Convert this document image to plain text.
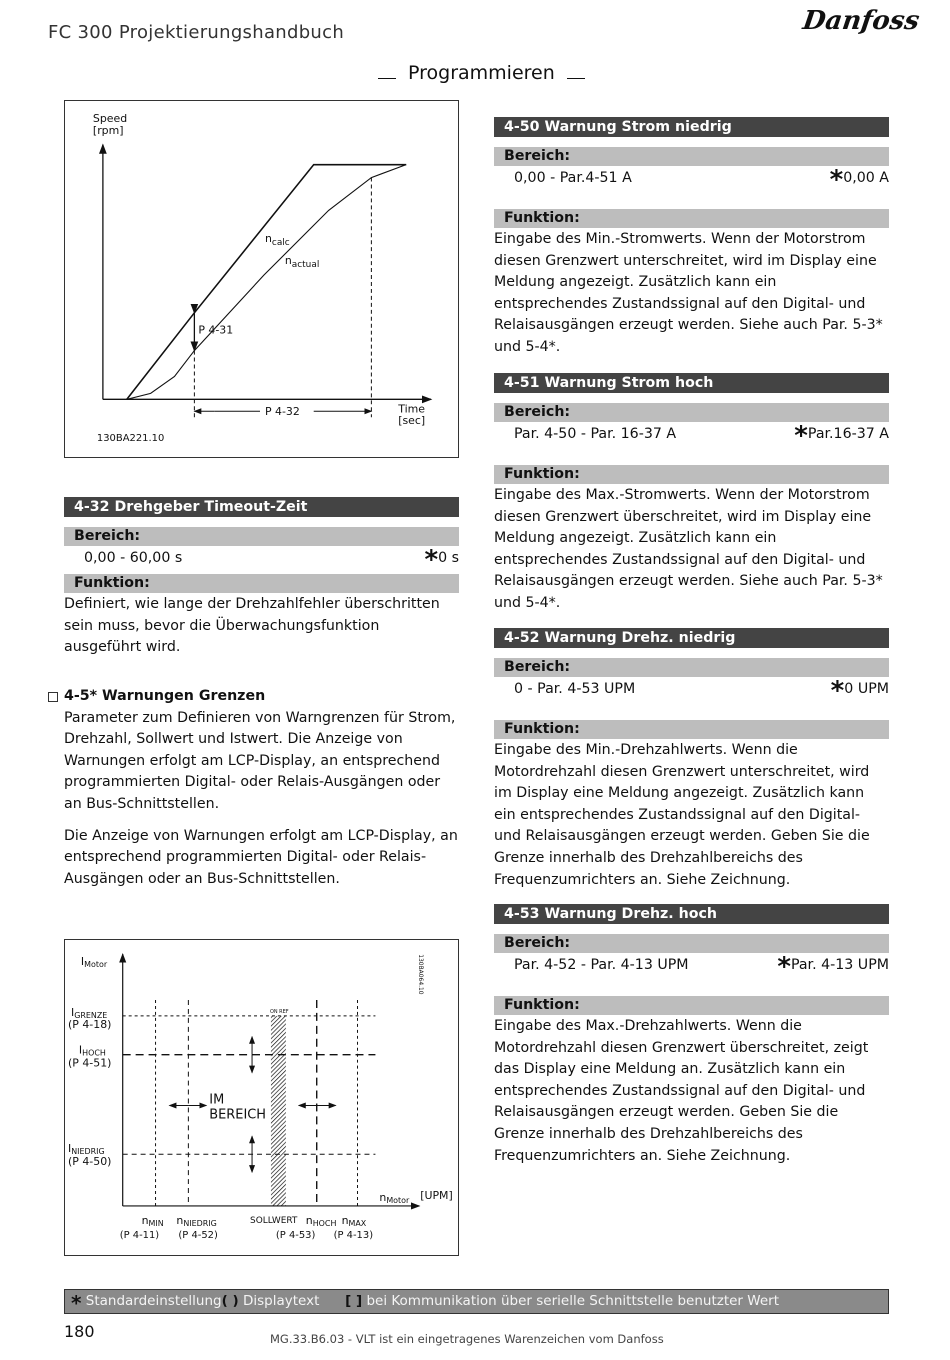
FC 300 Projektierungshandbuch	Danfoss
Programmieren
Speed
[rpm]
Time
[sec]
$n_{calc}$
$n_{actual}$
P 4-31
P 4-32
130BA221.10
4-32 Drehgeber Timeout-Zeit
Bereich:
0,00 - 60,00 s	*0 s
Funktion:
Definiert, wie lange der Drehzahlfehler überschritten sein muss, bevor die Überwachungsfunktion ausgeführt wird.
4-5* Warnungen Grenzen
Parameter zum Definieren von Warngrenzen für Strom, Drehzahl, Sollwert und Istwert. Die Anzeige von Warnungen erfolgt am LCP-Display, an entsprechend programmierten Digital- oder Relais-Ausgängen oder an Bus-Schnittstellen.
Die Anzeige von Warnungen erfolgt am LCP-Display, an entsprechend programmierten Digital- oder Relais-Ausgängen oder an Bus-Schnittstellen.
IMotor
IGRENZE
(P 4-18)
IHOCH
(P 4-51)
INIEDRIG
(P 4-50)
IM
BEREICH
nMotor [UPM]
nMIN
(P 4-11)
nNIEDRIG
(P 4-52)
SOLLWERT nHOCH
(P 4-53)
nMAX
(P 4-13)
ON REF
130BA064.10
4-50 Warnung Strom niedrig
Bereich:
0,00 - Par.4-51 A	*0,00 A
Funktion:
Eingabe des Min.-Stromwerts. Wenn der Motorstrom diesen Grenzwert unterschreitet, wird im Display eine Meldung angezeigt. Zusätzlich kann ein entsprechendes Zustandssignal auf den Digital- und Relaisausgängen erzeugt werden. Siehe auch Par. 5-3* und 5-4*.
4-51 Warnung Strom hoch
Bereich:
Par. 4-50 - Par. 16-37 A	*Par.16-37 A
Funktion:
Eingabe des Max.-Stromwerts. Wenn der Motorstrom diesen Grenzwert überschreitet, wird im Display eine Meldung angezeigt. Zusätzlich kann ein entsprechendes Zustandssignal auf den Digital- und Relaisausgängen erzeugt werden. Siehe auch Par. 5-3* und 5-4*.
4-52 Warnung Drehz. niedrig
Bereich:
0 - Par. 4-53 UPM	*0 UPM
Funktion:
Eingabe des Min.-Drehzahlwerts. Wenn die Motordrehzahl diesen Grenzwert unterschreitet, wird im Display eine Meldung angezeigt. Zusätzlich kann ein entsprechendes Zustandssignal auf den Digital- und Relaisausgängen erzeugt werden. Geben Sie die Grenze innerhalb des Drehzahlbereichs des Frequenzumrichters an. Siehe Zeichnung.
4-53 Warnung Drehz. hoch
Bereich:
Par. 4-52 - Par. 4-13 UPM	*Par. 4-13 UPM
Funktion:
Eingabe des Max.-Drehzahlwerts. Wenn die Motordrehzahl diesen Grenzwert überschreitet, zeigt das Display eine Meldung an. Zusätzlich kann ein entsprechendes Zustandssignal auf den Digital- und Relaisausgängen erzeugt werden. Geben Sie die Grenze innerhalb des Drehzahlbereichs des Frequenzumrichters an. Siehe Zeichnung.
* Standardeinstellung( ) Displaytext [ ] bei Kommunikation über serielle Schnittstelle benutzter Wert
180	MG.33.B6.03 - VLT ist ein eingetragenes Warenzeichen vom Danfoss
